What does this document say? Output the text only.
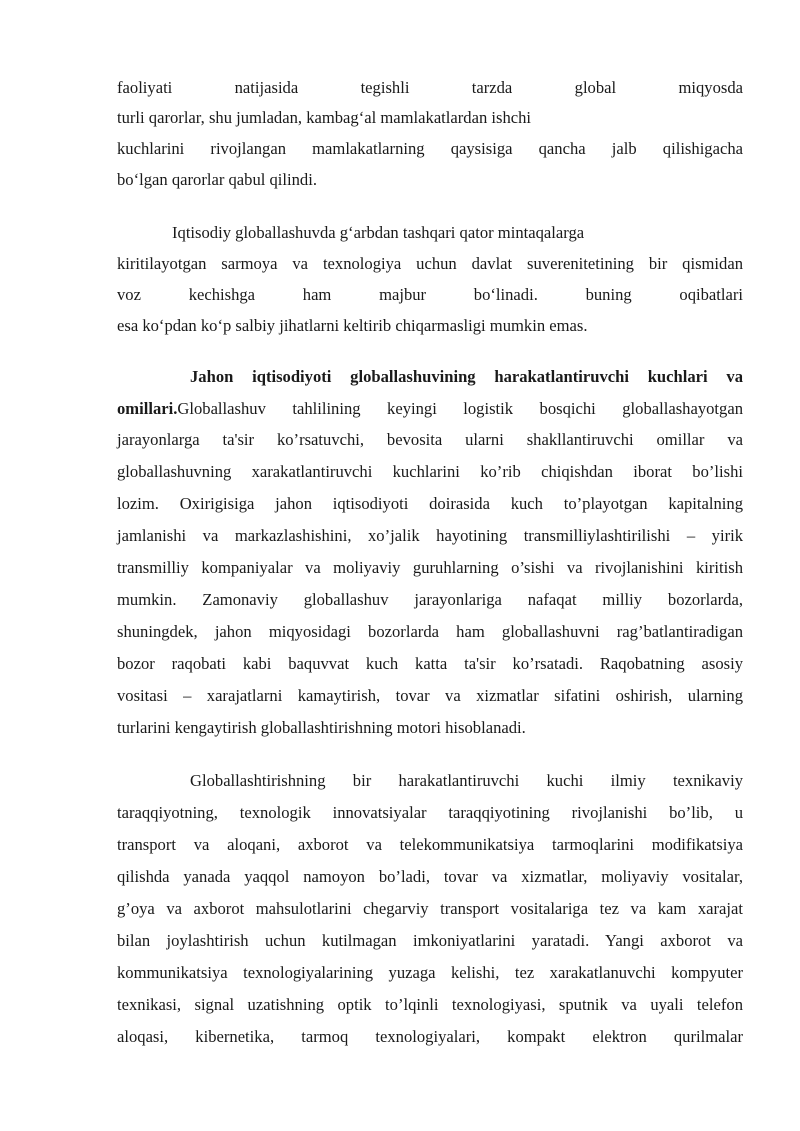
faoliyati natijasida tegishli tarzda global miqyosda
turli qarorlar, shu jumladan, kambag‘al mamlakatlardan ishchi
kuchlarini rivojlangan mamlakatlarning qaysisiga qancha jalb qilishigacha
bo‘lgan qarorlar qabul qilindi.
Iqtisodiy globallashuvda g‘arbdan tashqari qator mintaqalarga
kiritilayotgan sarmoya va texnologiya uchun davlat suverenitetining bir qismidan
voz kechishga ham majbur bo‘linadi. buning oqibatlari
esa ko‘pdan ko‘p salbiy jihatlarni keltirib chiqarmasligi mumkin emas.
Jahon iqtisodiyoti globallashuvining harakatlantiruvchi kuchlari va
omillari.Globallashuv tahlilining keyingi logistik bosqichi globallashayotgan
jarayonlarga ta'sir ko’rsatuvchi, bevosita ularni shakllantiruvchi omillar va
globallashuvning xarakatlantiruvchi kuchlarini ko’rib chiqishdan iborat bo’lishi
lozim. Oxirigisiga jahon iqtisodiyoti doirasida kuch to’playotgan kapitalning
jamlanishi va markazlashishini, xo’jalik hayotining transmilliylashtirilishi – yirik
transmilliy kompaniyalar va moliyaviy guruhlarning o’sishi va rivojlanishini kiritish
mumkin. Zamonaviy globallashuv jarayonlariga nafaqat milliy bozorlarda,
shuningdek, jahon miqyosidagi bozorlarda ham globallashuvni rag’batlantiradigan
bozor raqobati kabi baquvvat kuch katta ta'sir ko’rsatadi. Raqobatning asosiy
vositasi – xarajatlarni kamaytirish, tovar va xizmatlar sifatini oshirish, ularning
turlarini kengaytirish globallashtirishning motori hisoblanadi.
Globallashtirishning bir harakatlantiruvchi kuchi ilmiy texnikaviy
taraqqiyotning, texnologik innovatsiyalar taraqqiyotining rivojlanishi bo’lib, u
transport va aloqani, axborot va telekommunikatsiya tarmoqlarini modifikatsiya
qilishda yanada yaqqol namoyon bo’ladi, tovar va xizmatlar, moliyaviy vositalar,
g’oya va axborot mahsulotlarini chegarviy transport vositalariga tez va kam xarajat
bilan joylashtirish uchun kutilmagan imkoniyatlarini yaratadi. Yangi axborot va
kommunikatsiya texnologiyalarining yuzaga kelishi, tez xarakatlanuvchi kompyuter
texnikasi, signal uzatishning optik to’lqinli texnologiyasi, sputnik va uyali telefon
aloqasi, kibernetika, tarmoq texnologiyalari, kompakt elektron qurilmalar
